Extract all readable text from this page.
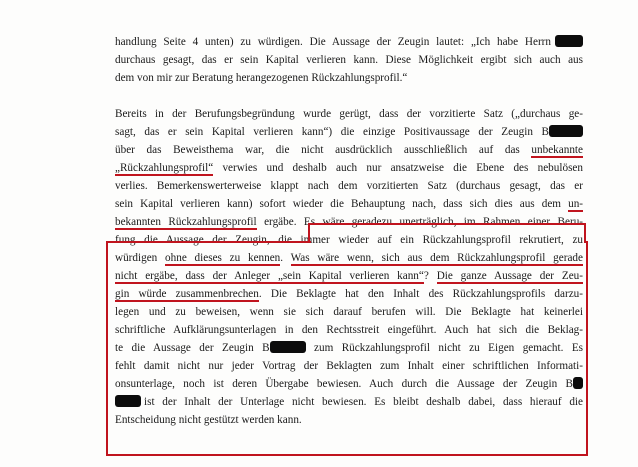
handlung Seite 4 unten) zu würdigen. Die Aussage der Zeugin lautet: „Ich habe Herrn
durchaus gesagt, das er sein Kapital verlieren kann. Diese Möglichkeit ergibt sich auch aus
dem von mir zur Beratung herangezogenen Rückzahlungsprofil.“
Bereits in der Berufungsbegründung wurde gerügt, dass der vorzitierte Satz („durchaus ge-
sagt, das er sein Kapital verlieren kann“) die einzige Positivaussage der Zeugin B
über das Beweisthema war, die nicht ausdrücklich ausschließlich auf das unbekannte
„Rückzahlungsprofil“ verwies und deshalb auch nur ansatzweise die Ebene des nebulösen
verlies. Bemerkenswerterweise klappt nach dem vorzitierten Satz (durchaus gesagt, das er
sein Kapital verlieren kann) sofort wieder die Behauptung nach, dass sich dies aus dem un-
bekannten Rückzahlungsprofil ergäbe. Es wäre geradezu unerträglich, im Rahmen einer Beru-
fung die Aussage der Zeugin, die immer wieder auf ein Rückzahlungsprofil rekrutiert, zu
würdigen ohne dieses zu kennen. Was wäre wenn, sich aus dem Rückzahlungsprofil gerade
nicht ergäbe, dass der Anleger „sein Kapital verlieren kann“? Die ganze Aussage der Zeu-
gin würde zusammenbrechen. Die Beklagte hat den Inhalt des Rückzahlungsprofils darzu-
legen und zu beweisen, wenn sie sich darauf berufen will. Die Beklagte hat keinerlei
schriftliche Aufklärungsunterlagen in den Rechtsstreit eingeführt. Auch hat sich die Beklag-
te die Aussage der Zeugin B	zum Rückzahlungsprofil nicht zu Eigen gemacht. Es
fehlt damit nicht nur jeder Vortrag der Beklagten zum Inhalt einer schriftlichen Informati-
onsunterlage, noch ist deren Übergabe bewiesen. Auch durch die Aussage der Zeugin B
ist der Inhalt der Unterlage nicht bewiesen. Es bleibt deshalb dabei, dass hierauf die
Entscheidung nicht gestützt werden kann.
